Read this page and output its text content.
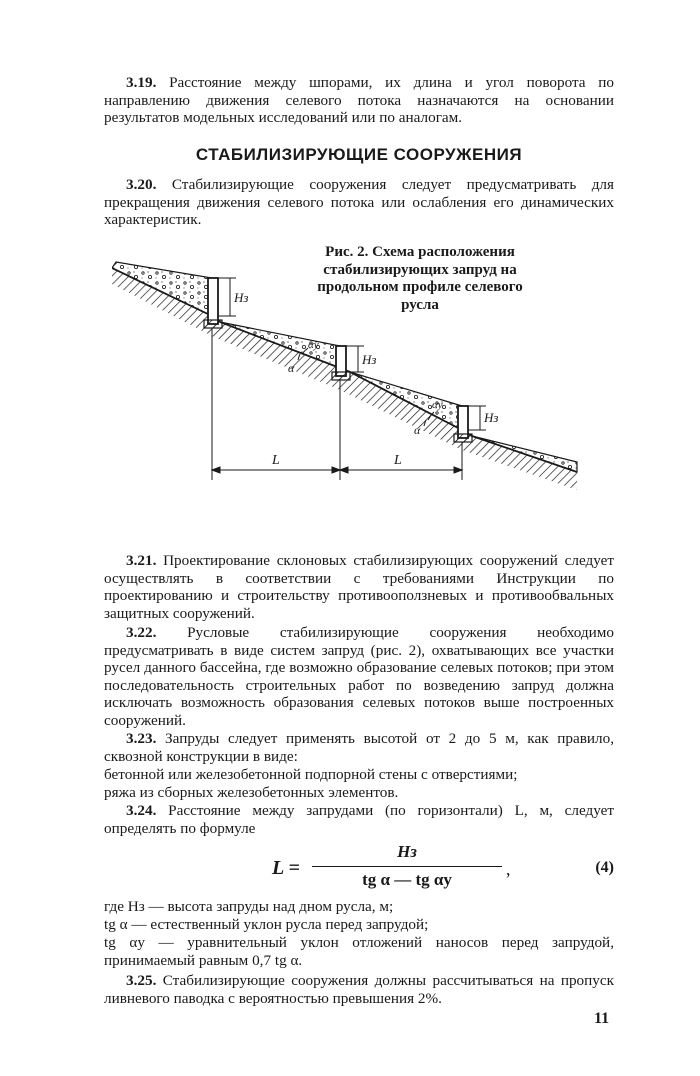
3.19. Расстояние между шпорами, их длина и угол поворота по направлению движения селевого потока назначаются на основании результатов модельных исследований или по аналогам.

СТАБИЛИЗИРУЮЩИЕ СООРУЖЕНИЯ

3.20. Стабилизирующие сооружения следует предусматривать для прекращения движения селевого потока или ослабления его динамических характеристик.

Рис. 2. Схема расположения стабилизирующих запруд на продольном профиле селевого русла

Hз
Hз
Hз
αу
α
αу
α
L	L

3.21. Проектирование склоновых стабилизирующих сооружений следует осуществлять в соответствии с требованиями Инструкции по проектированию и строительству противооползневых и противообвальных защитных сооружений.

3.22. Русловые стабилизирующие сооружения необходимо предусматривать в виде систем запруд (рис. 2), охватывающих все участки русел данного бассейна, где возможно образование селевых потоков; при этом последовательность строительных работ по возведению запруд должна исключать возможность образования селевых потоков выше построенных сооружений.

3.23. Запруды следует применять высотой от 2 до 5 м, как правило, сквозной конструкции в виде:

бетонной или железобетонной подпорной стены с отверстиями;

ряжа из сборных железобетонных элементов.

3.24. Расстояние между запрудами (по горизонтали) L, м, следует определять по формуле

L =
Hз
tg α — tg αу
,	(4)

где Hз — высота запруды над дном русла, м;

tg α — естественный уклон русла перед запрудой;

tg αу — уравнительный уклон отложений наносов перед запрудой, принимаемый равным 0,7 tg α.

3.25. Стабилизирующие сооружения должны рассчитываться на пропуск ливневого паводка с вероятностью превышения 2%.

11
